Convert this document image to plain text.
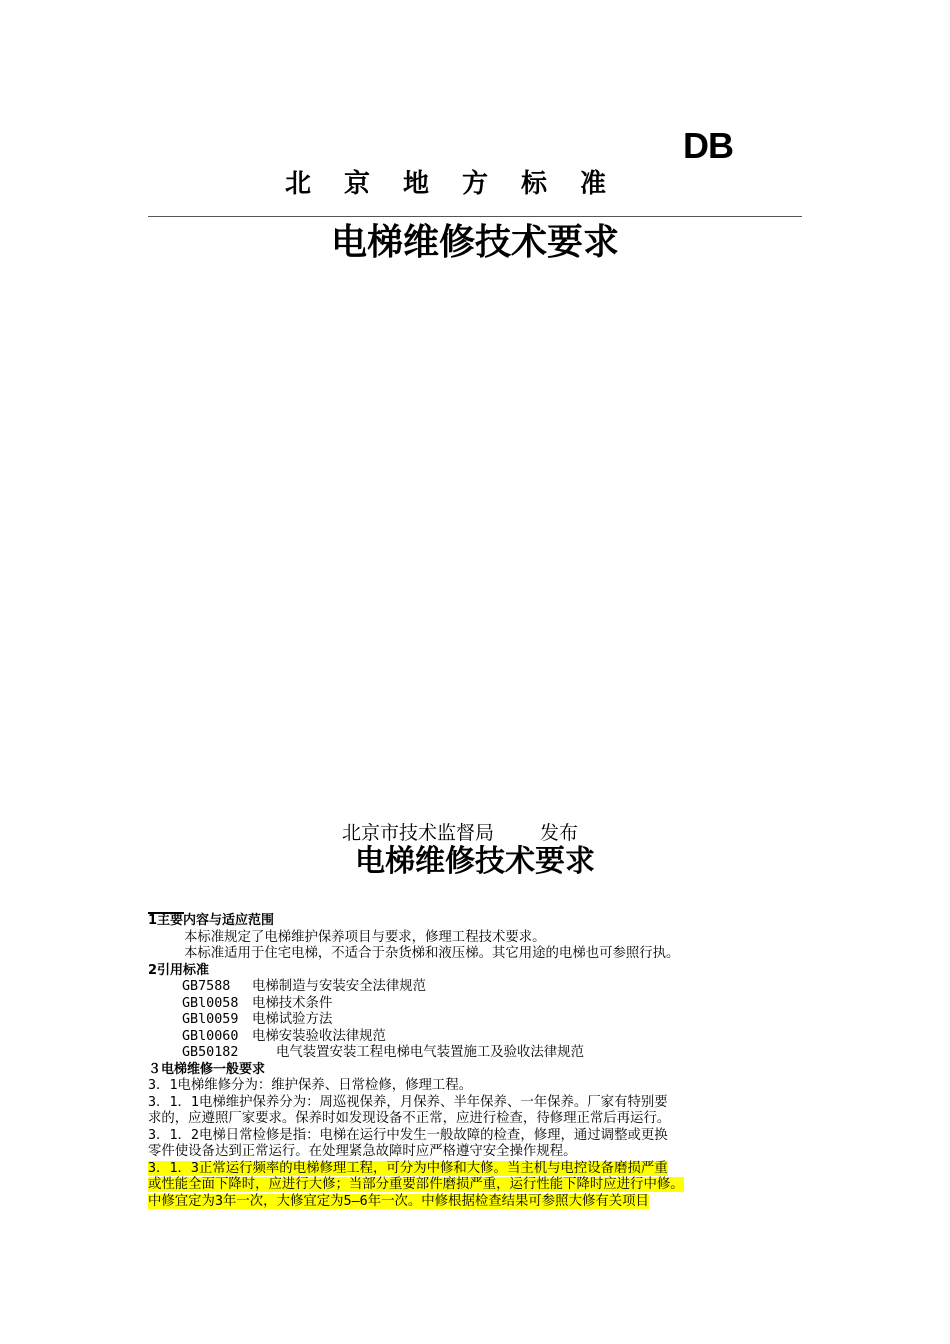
DB
北京地方标准
电梯维修技术要求
北京市技术监督局 发布
电梯维修技术要求
1主要内容与适应范围
本标准规定了电梯维护保养项目与要求，修理工程技术要求。
本标准适用于住宅电梯，不适合于杂货梯和液压梯。其它用途的电梯也可参照行执。
2引用标准
GB7588 电梯制造与安装安全法律规范
GBl0058 电梯技术条件
GBl0059 电梯试验方法
GBl0060 电梯安装验收法律规范
GB50182	电气装置安装工程电梯电气装置施工及验收法律规范
３电梯维修一般要求
3．1电梯维修分为：维护保养、日常检修，修理工程。
3．1．1电梯维护保养分为：周巡视保养，月保养、半年保养、一年保养。厂家有特别要
求的，应遵照厂家要求。保养时如发现设备不正常，应进行检查，待修理正常后再运行。
3．1．2电梯日常检修是指：电梯在运行中发生一般故障的检查，修理，通过调整或更换
零件使设备达到正常运行。在处理紧急故障时应严格遵守安全操作规程。
3．1．3正常运行频率的电梯修理工程，可分为中修和大修。当主机与电控设备磨损严重
或性能全面下降时，应进行大修；当部分重要部件磨损严重，运行性能下降时应进行中修。
中修宜定为3年一次，大修宜定为5—6年一次。中修根据检查结果可参照大修有关项目
